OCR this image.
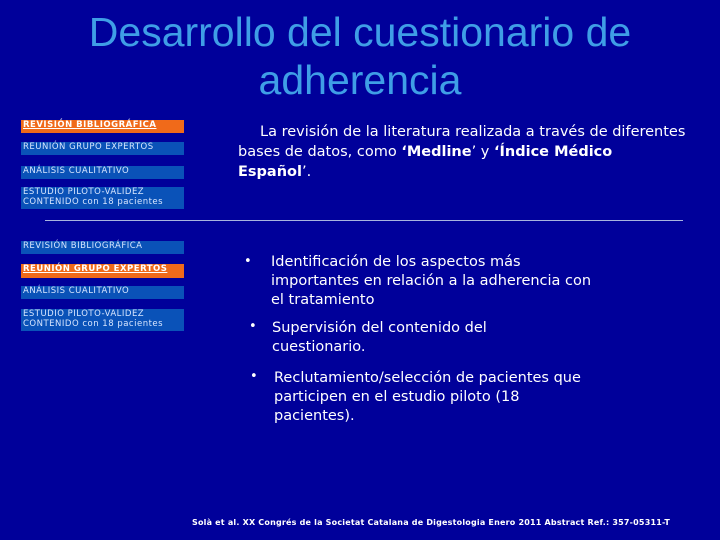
Desarrollo del cuestionario de adherencia
REVISIÓN BIBLIOGRÁFICA
REUNIÓN GRUPO EXPERTOS
ANÁLISIS CUALITATIVO
ESTUDIO PILOTO-VALIDEZ
CONTENIDO con 18 pacientes
REVISIÓN BIBLIOGRÁFICA
REUNIÓN GRUPO EXPERTOS
ANÁLISIS CUALITATIVO
ESTUDIO PILOTO-VALIDEZ
CONTENIDO con 18 pacientes

La revisión de la literatura realizada a través de diferentes bases de datos, como ‘Medline’ y ‘Índice Médico Español’.

• Identificación de los aspectos más importantes en relación a la adherencia con el tratamiento
• Supervisión del contenido del cuestionario.
• Reclutamiento/selección de pacientes que participen en el estudio piloto (18 pacientes).
Solà et al. XX Congrés de la Societat Catalana de Digestologia Enero 2011 Abstract Ref.: 357-05311-T
